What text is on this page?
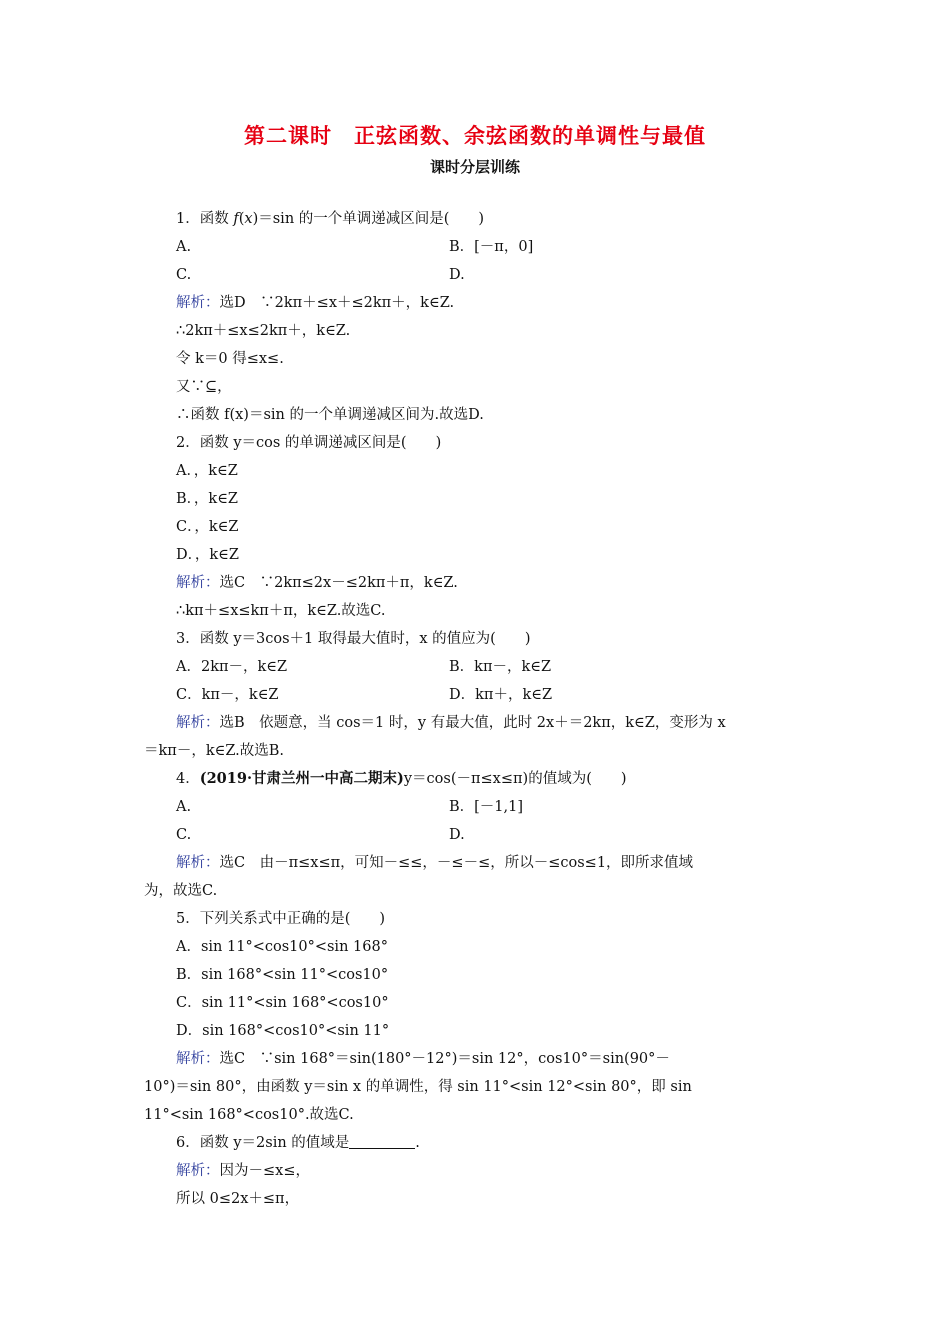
第二课时　正弦函数、余弦函数的单调性与最值
课时分层训练
1．函数 f(x)＝sin 的一个单调递减区间是(　　)
A.	B．[－π，0]
C.	D.
解析：选D　∵2kπ＋≤x＋≤2kπ＋，k∈Z.
∴2kπ＋≤x≤2kπ＋，k∈Z.
令 k＝0 得≤x≤.
又∵⊆，
∴函数 f(x)＝sin 的一个单调递减区间为.故选D.
2．函数 y＝cos 的单调递减区间是(　　)
A．，k∈Z
B．，k∈Z
C．，k∈Z
D．，k∈Z
解析：选C　∵2kπ≤2x－≤2kπ＋π，k∈Z.
∴kπ＋≤x≤kπ＋π，k∈Z.故选C.
3．函数 y＝3cos＋1 取得最大值时，x 的值应为(　　)
A．2kπ－，k∈Z	B．kπ－，k∈Z
C．kπ－，k∈Z	D．kπ＋，k∈Z
解析：选B　依题意，当 cos＝1 时，y 有最大值，此时 2x＋＝2kπ，k∈Z，变形为 x
＝kπ－，k∈Z.故选B.
4．(2019·甘肃兰州一中高二期末)y＝cos(－π≤x≤π)的值域为(　　)
A.	B．[－1,1]
C.	D.
解析：选C　由－π≤x≤π，可知－≤≤，－≤－≤，所以－≤cos≤1，即所求值域
为，故选C.
5．下列关系式中正确的是(　　)
A．sin 11°<cos10°<sin 168°
B．sin 168°<sin 11°<cos10°
C．sin 11°<sin 168°<cos10°
D．sin 168°<cos10°<sin 11°
解析：选C　∵sin 168°＝sin(180°－12°)＝sin 12°，cos10°＝sin(90°－
10°)＝sin 80°，由函数 y＝sin x 的单调性，得 sin 11°<sin 12°<sin 80°，即 sin
11°<sin 168°<cos10°.故选C.
6．函数 y＝2sin 的值域是	.
解析：因为－≤x≤，
所以 0≤2x＋≤π，
